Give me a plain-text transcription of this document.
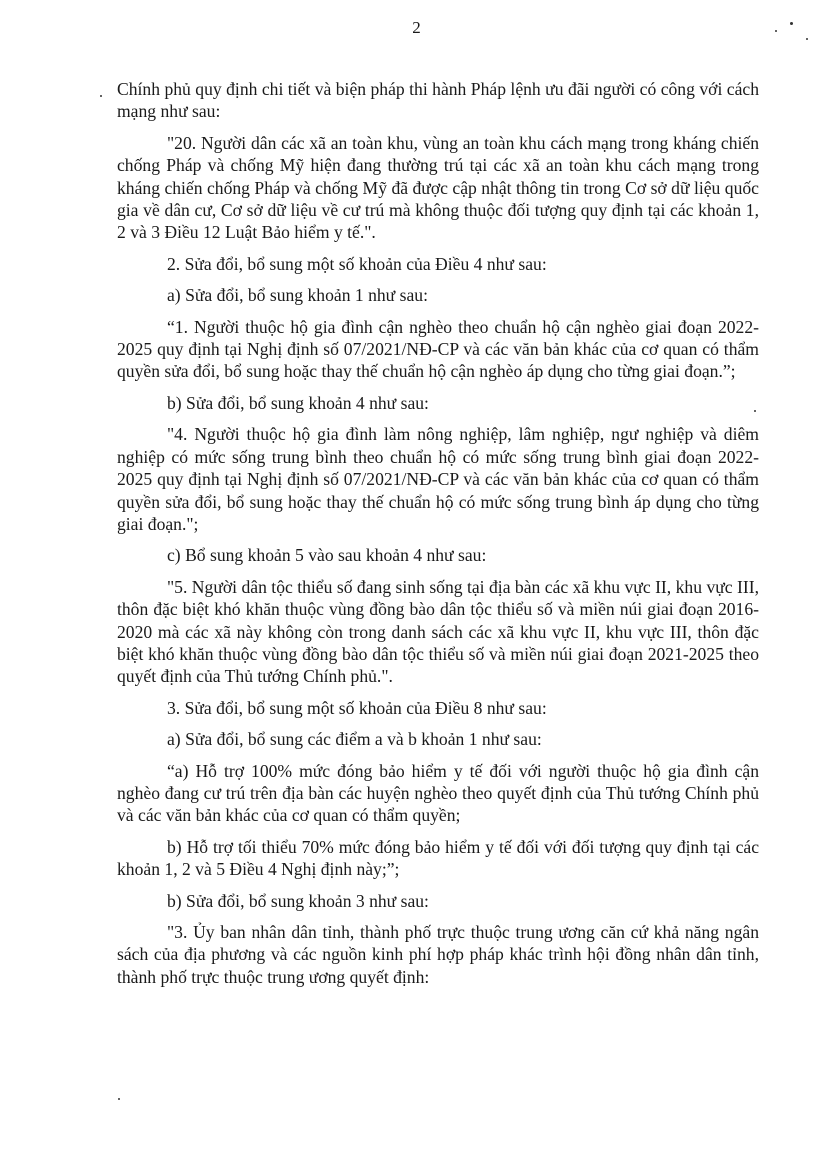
2

Chính phủ quy định chi tiết và biện pháp thi hành Pháp lệnh ưu đãi người có công với cách mạng như sau:

"20. Người dân các xã an toàn khu, vùng an toàn khu cách mạng trong kháng chiến chống Pháp và chống Mỹ hiện đang thường trú tại các xã an toàn khu cách mạng trong kháng chiến chống Pháp và chống Mỹ đã được cập nhật thông tin trong Cơ sở dữ liệu quốc gia về dân cư, Cơ sở dữ liệu về cư trú mà không thuộc đối tượng quy định tại các khoản 1, 2 và 3 Điều 12 Luật Bảo hiểm y tế.".

2. Sửa đổi, bổ sung một số khoản của Điều 4 như sau:

a) Sửa đổi, bổ sung khoản 1 như sau:

“1. Người thuộc hộ gia đình cận nghèo theo chuẩn hộ cận nghèo giai đoạn 2022-2025 quy định tại Nghị định số 07/2021/NĐ-CP và các văn bản khác của cơ quan có thẩm quyền sửa đổi, bổ sung hoặc thay thế chuẩn hộ cận nghèo áp dụng cho từng giai đoạn.”;

b) Sửa đổi, bổ sung khoản 4 như sau:

"4. Người thuộc hộ gia đình làm nông nghiệp, lâm nghiệp, ngư nghiệp và diêm nghiệp có mức sống trung bình theo chuẩn hộ có mức sống trung bình giai đoạn 2022-2025 quy định tại Nghị định số 07/2021/NĐ-CP và các văn bản khác của cơ quan có thẩm quyền sửa đổi, bổ sung hoặc thay thế chuẩn hộ có mức sống trung bình áp dụng cho từng giai đoạn.";

c) Bổ sung khoản 5 vào sau khoản 4 như sau:

"5. Người dân tộc thiểu số đang sinh sống tại địa bàn các xã khu vực II, khu vực III, thôn đặc biệt khó khăn thuộc vùng đồng bào dân tộc thiểu số và miền núi giai đoạn 2016-2020 mà các xã này không còn trong danh sách các xã khu vực II, khu vực III, thôn đặc biệt khó khăn thuộc vùng đồng bào dân tộc thiểu số và miền núi giai đoạn 2021-2025 theo quyết định của Thủ tướng Chính phủ.".

3. Sửa đổi, bổ sung một số khoản của Điều 8 như sau:

a) Sửa đổi, bổ sung các điểm a và b khoản 1 như sau:

“a) Hỗ trợ 100% mức đóng bảo hiểm y tế đối với người thuộc hộ gia đình cận nghèo đang cư trú trên địa bàn các huyện nghèo theo quyết định của Thủ tướng Chính phủ và các văn bản khác của cơ quan có thẩm quyền;

b) Hỗ trợ tối thiểu 70% mức đóng bảo hiểm y tế đối với đối tượng quy định tại các khoản 1, 2 và 5 Điều 4 Nghị định này;”;

b) Sửa đổi, bổ sung khoản 3 như sau:

"3. Ủy ban nhân dân tỉnh, thành phố trực thuộc trung ương căn cứ khả năng ngân sách của địa phương và các nguồn kinh phí hợp pháp khác trình hội đồng nhân dân tỉnh, thành phố trực thuộc trung ương quyết định:
